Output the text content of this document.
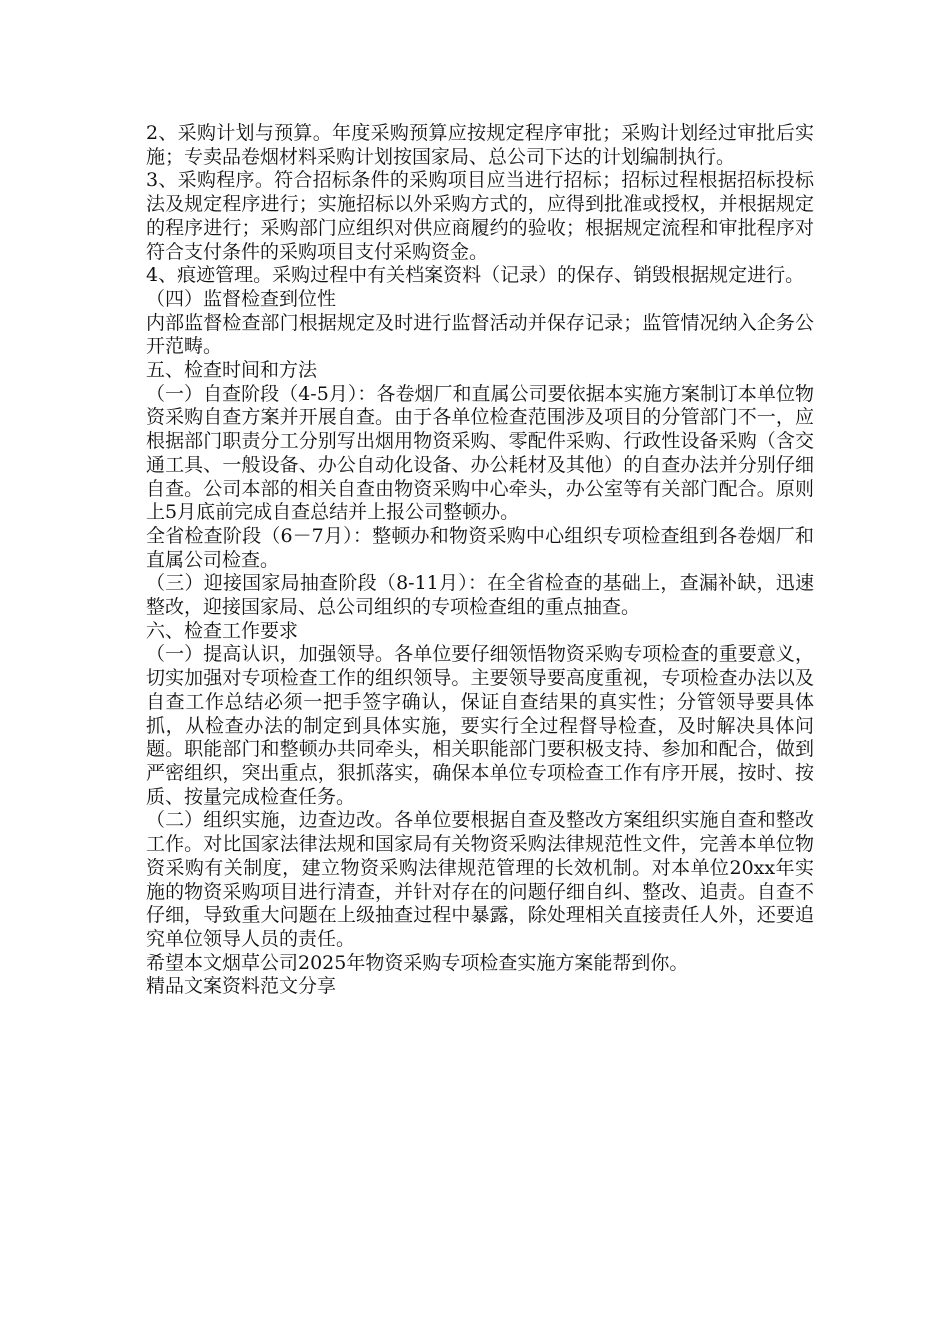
2、采购计划与预算。年度采购预算应按规定程序审批；采购计划经过审批后实施；专卖品卷烟材料采购计划按国家局、总公司下达的计划编制执行。

3、采购程序。符合招标条件的采购项目应当进行招标；招标过程根据招标投标法及规定程序进行；实施招标以外采购方式的，应得到批准或授权，并根据规定的程序进行；采购部门应组织对供应商履约的验收；根据规定流程和审批程序对符合支付条件的采购项目支付采购资金。

4、痕迹管理。采购过程中有关档案资料（记录）的保存、销毁根据规定进行。

（四）监督检查到位性

内部监督检查部门根据规定及时进行监督活动并保存记录；监管情况纳入企务公开范畴。

五、检查时间和方法

（一）自查阶段（4-5月）：各卷烟厂和直属公司要依据本实施方案制订本单位物资采购自查方案并开展自查。由于各单位检查范围涉及项目的分管部门不一，应根据部门职责分工分别写出烟用物资采购、零配件采购、行政性设备采购（含交通工具、一般设备、办公自动化设备、办公耗材及其他）的自查办法并分别仔细自查。公司本部的相关自查由物资采购中心牵头，办公室等有关部门配合。原则上5月底前完成自查总结并上报公司整顿办。

全省检查阶段（6－7月）：整顿办和物资采购中心组织专项检查组到各卷烟厂和直属公司检查。

（三）迎接国家局抽查阶段（8-11月）：在全省检查的基础上，查漏补缺，迅速整改，迎接国家局、总公司组织的专项检查组的重点抽查。

六、检查工作要求

（一）提高认识，加强领导。各单位要仔细领悟物资采购专项检查的重要意义，切实加强对专项检查工作的组织领导。主要领导要高度重视，专项检查办法以及自查工作总结必须一把手签字确认，保证自查结果的真实性；分管领导要具体抓，从检查办法的制定到具体实施，要实行全过程督导检查，及时解决具体问题。职能部门和整顿办共同牵头，相关职能部门要积极支持、参加和配合，做到严密组织，突出重点，狠抓落实，确保本单位专项检查工作有序开展，按时、按质、按量完成检查任务。

（二）组织实施，边查边改。各单位要根据自查及整改方案组织实施自查和整改工作。对比国家法律法规和国家局有关物资采购法律规范性文件，完善本单位物资采购有关制度，建立物资采购法律规范管理的长效机制。对本单位20xx年实施的物资采购项目进行清查，并针对存在的问题仔细自纠、整改、追责。自查不仔细，导致重大问题在上级抽查过程中暴露，除处理相关直接责任人外，还要追究单位领导人员的责任。

希望本文烟草公司2025年物资采购专项检查实施方案能帮到你。

精品文案资料范文分享
